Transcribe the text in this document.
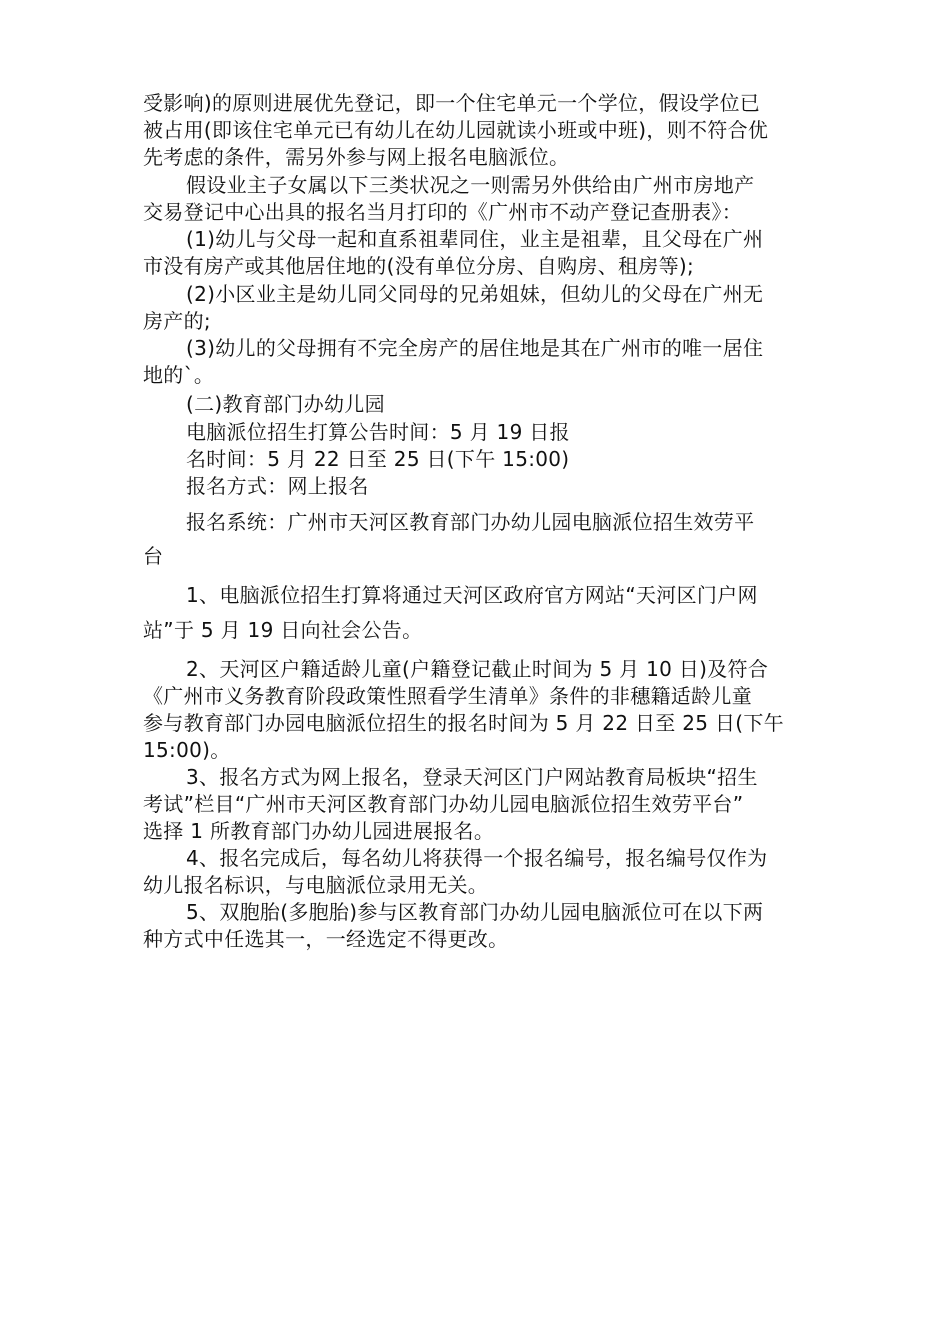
受影响)的原则进展优先登记，即一个住宅单元一个学位，假设学位已
被占用(即该住宅单元已有幼儿在幼儿园就读小班或中班)，则不符合优
先考虑的条件，需另外参与网上报名电脑派位。
假设业主子女属以下三类状况之一则需另外供给由广州市房地产
交易登记中心出具的报名当月打印的《广州市不动产登记查册表》：
(1)幼儿与父母一起和直系祖辈同住，业主是祖辈，且父母在广州
市没有房产或其他居住地的(没有单位分房、自购房、租房等);
(2)小区业主是幼儿同父同母的兄弟姐妹，但幼儿的父母在广州无
房产的;
(3)幼儿的父母拥有不完全房产的居住地是其在广州市的唯一居住
地的`。
(二)教育部门办幼儿园
电脑派位招生打算公告时间：5 月 19 日报
名时间：5 月 22 日至 25 日(下午 15:00)
报名方式：网上报名
报名系统：广州市天河区教育部门办幼儿园电脑派位招生效劳平
台
1、电脑派位招生打算将通过天河区政府官方网站“天河区门户网
站”于 5 月 19 日向社会公告。
2、天河区户籍适龄儿童(户籍登记截止时间为 5 月 10 日)及符合
《广州市义务教育阶段政策性照看学生清单》条件的非穗籍适龄儿童
参与教育部门办园电脑派位招生的报名时间为 5 月 22 日至 25 日(下午
15:00)。
3、报名方式为网上报名，登录天河区门户网站教育局板块“招生
考试”栏目“广州市天河区教育部门办幼儿园电脑派位招生效劳平台”
选择 1 所教育部门办幼儿园进展报名。
4、报名完成后，每名幼儿将获得一个报名编号，报名编号仅作为
幼儿报名标识，与电脑派位录用无关。
5、双胞胎(多胞胎)参与区教育部门办幼儿园电脑派位可在以下两
种方式中任选其一，一经选定不得更改。
